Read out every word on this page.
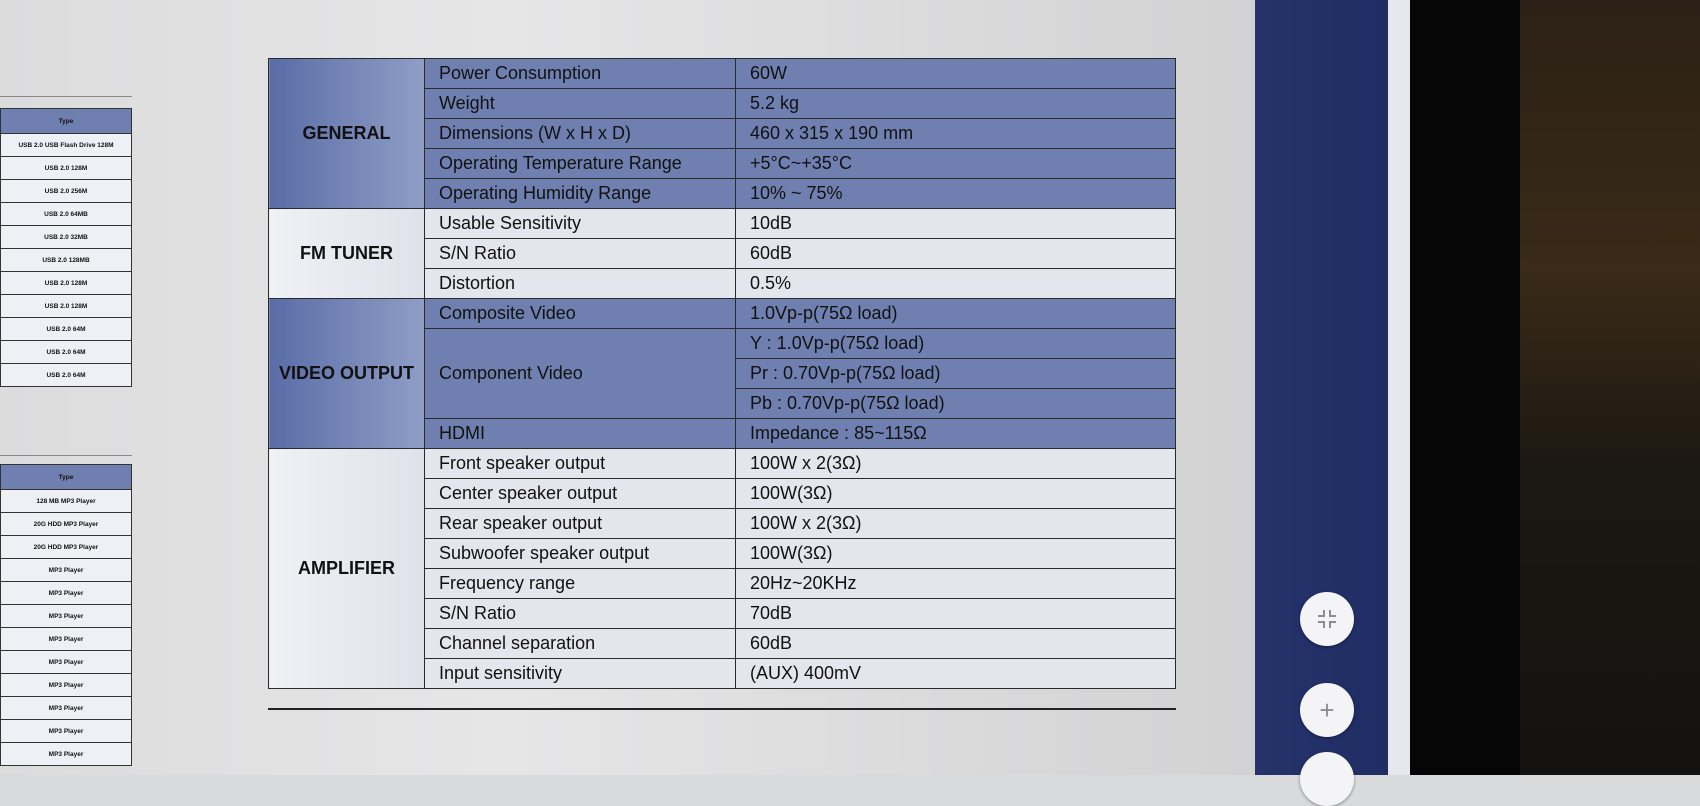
Type
USB 2.0 USB Flash Drive 128M
USB 2.0 128M
USB 2.0 256M
USB 2.0 64MB
USB 2.0 32MB
USB 2.0 128MB
USB 2.0 128M
USB 2.0 128M
USB 2.0 64M
USB 2.0 64M
USB 2.0 64M
Type
128 MB MP3 Player
20G HDD MP3 Player
20G HDD MP3 Player
MP3 Player
MP3 Player
MP3 Player
MP3 Player
MP3 Player
MP3 Player
MP3 Player
MP3 Player
MP3 Player
GENERAL	Power Consumption	60W
	Weight	5.2 kg
	Dimensions (W x H x D)	460 x 315 x 190 mm
	Operating Temperature Range	+5°C~+35°C
	Operating Humidity Range	10% ~ 75%
FM TUNER	Usable Sensitivity	10dB
	S/N Ratio	60dB
	Distortion	0.5%
VIDEO OUTPUT	Composite Video	1.0Vp-p(75Ω load)
	Component Video	Y : 1.0Vp-p(75Ω load)
		Pr : 0.70Vp-p(75Ω load)
		Pb : 0.70Vp-p(75Ω load)
	HDMI	Impedance : 85~115Ω
AMPLIFIER	Front speaker output	100W x 2(3Ω)
	Center speaker output	100W(3Ω)
	Rear speaker output	100W x 2(3Ω)
	Subwoofer speaker output	100W(3Ω)
	Frequency range	20Hz~20KHz
	S/N Ratio	70dB
	Channel separation	60dB
	Input sensitivity	(AUX) 400mV
+
